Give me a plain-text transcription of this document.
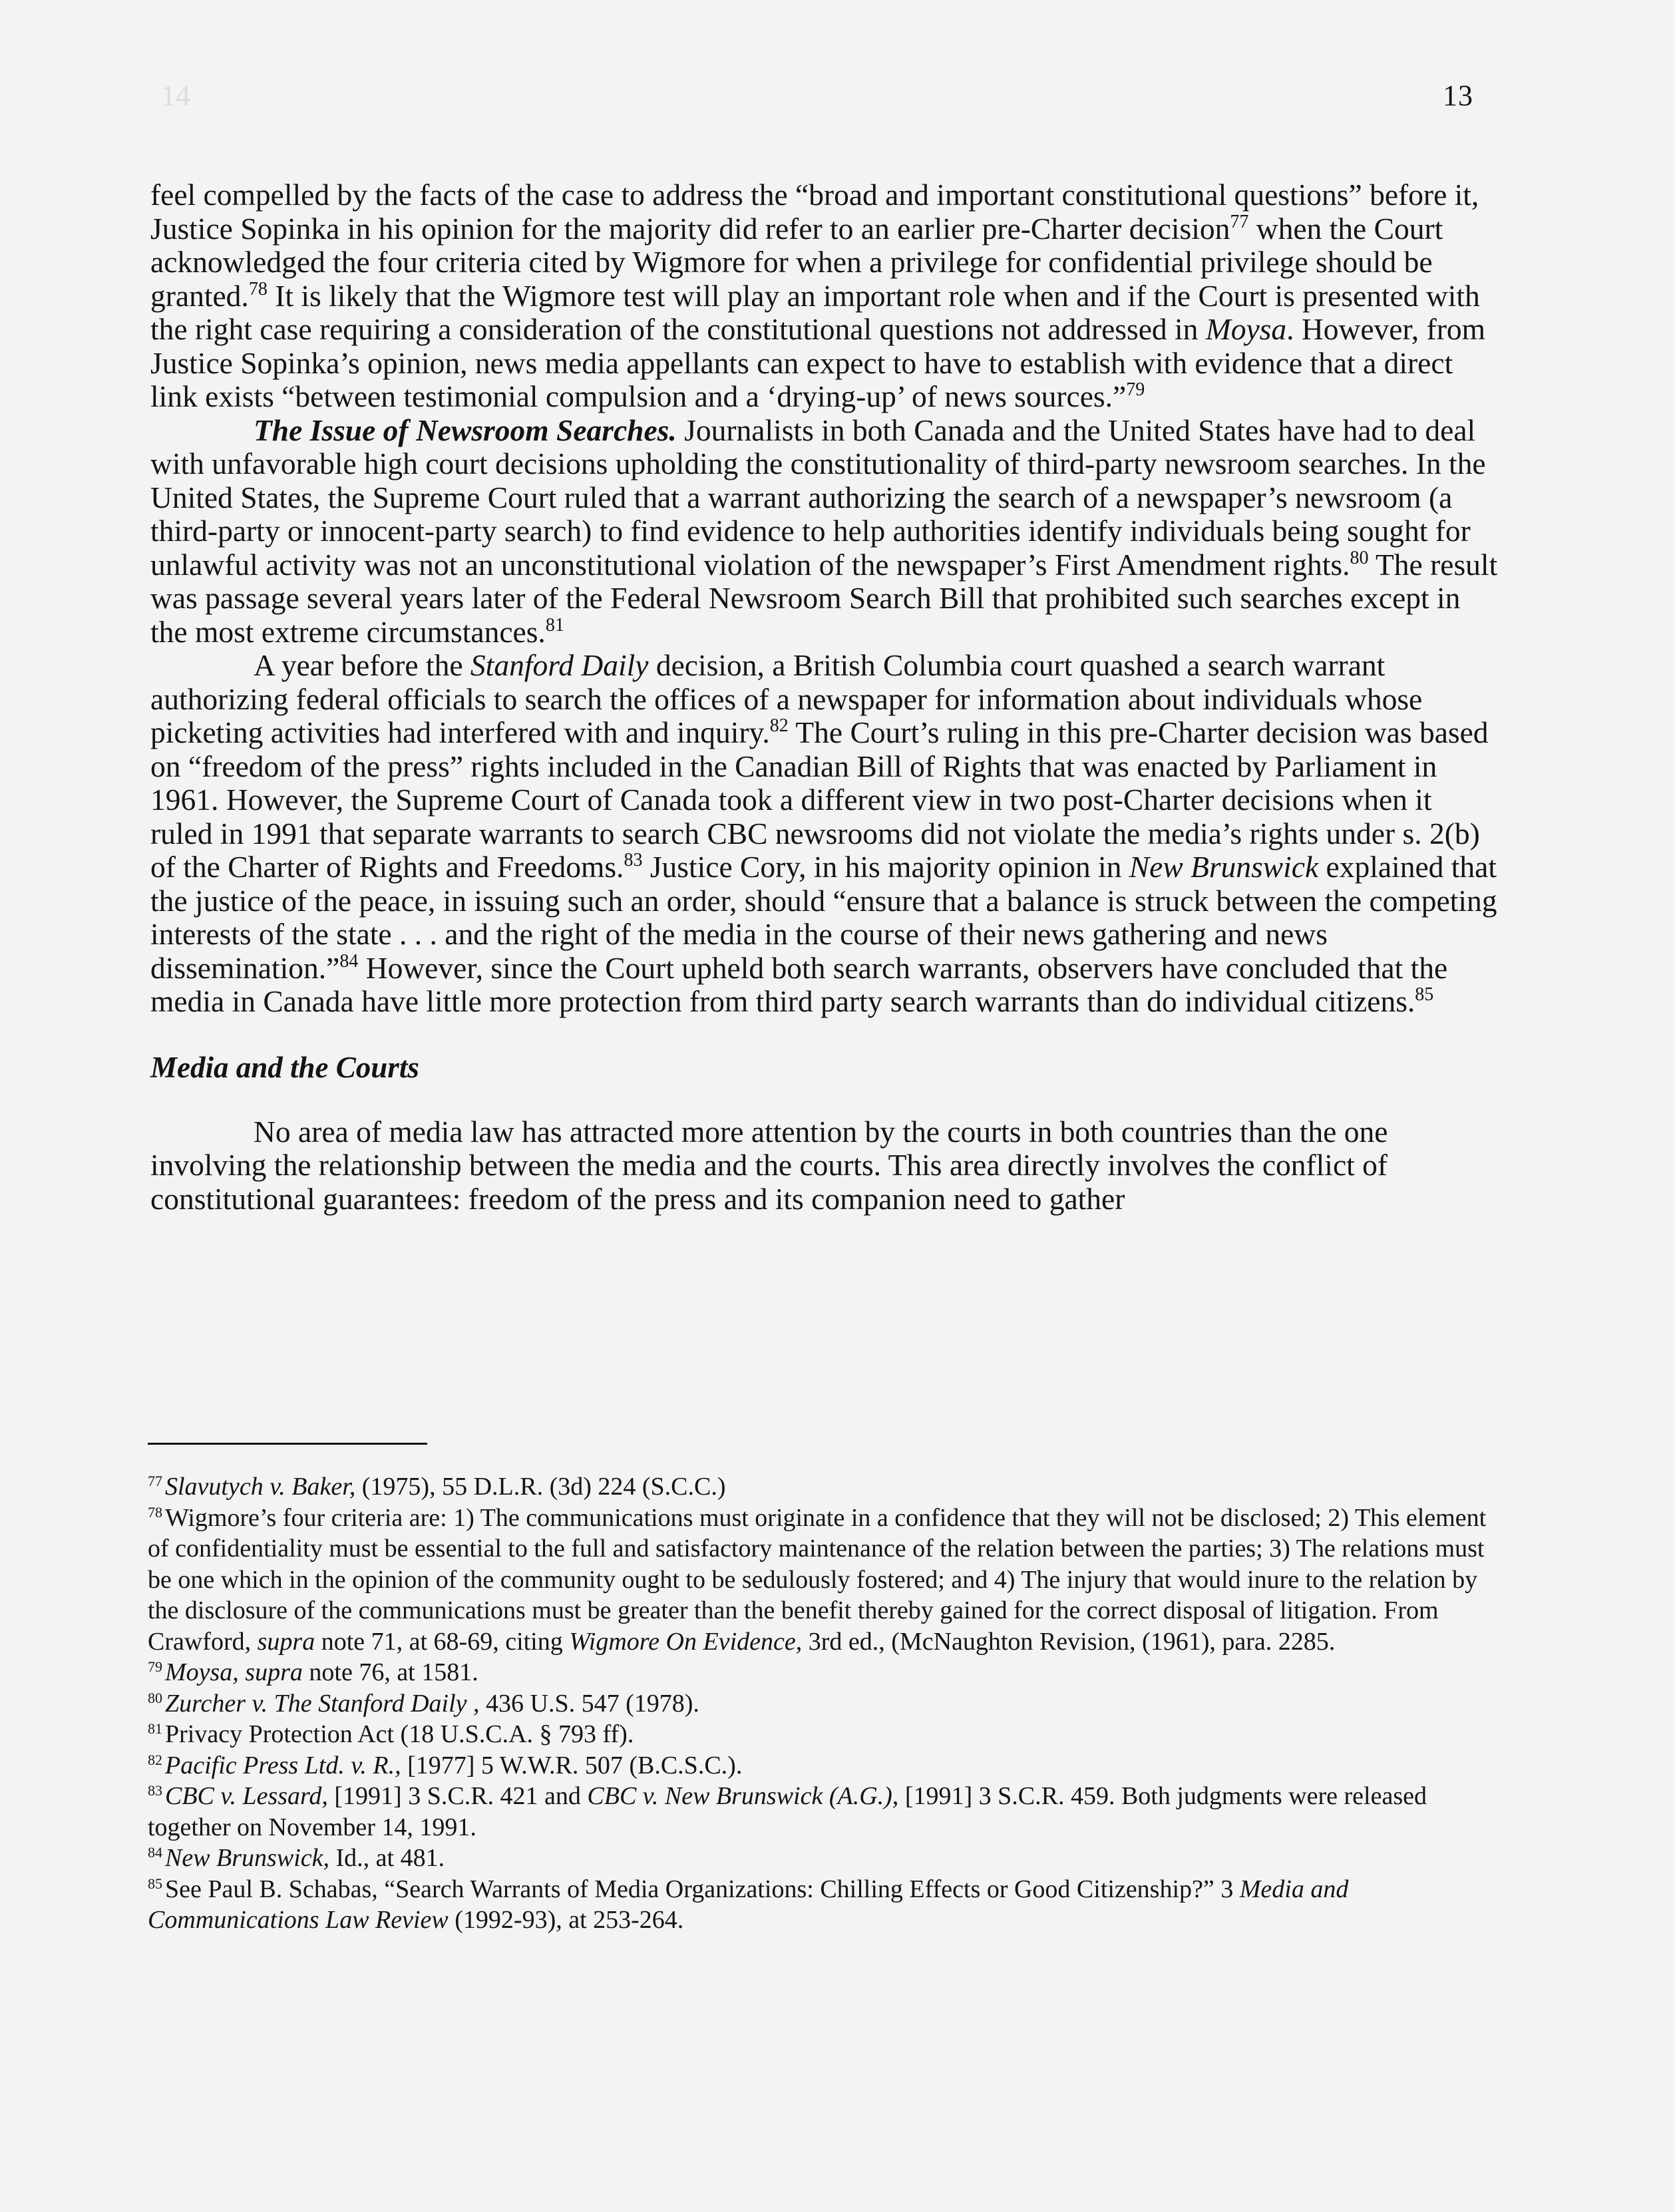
14	13

feel compelled by the facts of the case to address the “broad and important constitutional questions” before it, Justice Sopinka in his opinion for the majority did refer to an earlier pre-Charter decision$^{77}$ when the Court acknowledged the four criteria cited by Wigmore for when a privilege for confidential privilege should be granted.$^{78}$ It is likely that the Wigmore test will play an important role when and if the Court is presented with the right case requiring a consideration of the constitutional questions not addressed in Moysa. However, from Justice Sopinka’s opinion, news media appellants can expect to have to establish with evidence that a direct link exists “between testimonial compulsion and a ‘drying-up’ of news sources.”$^{79}$

The Issue of Newsroom Searches. Journalists in both Canada and the United States have had to deal with unfavorable high court decisions upholding the constitutionality of third-party newsroom searches. In the United States, the Supreme Court ruled that a warrant authorizing the search of a newspaper’s newsroom (a third-party or innocent-party search) to find evidence to help authorities identify individuals being sought for unlawful activity was not an unconstitutional violation of the newspaper’s First Amendment rights.$^{80}$ The result was passage several years later of the Federal Newsroom Search Bill that prohibited such searches except in the most extreme circumstances.$^{81}$

A year before the Stanford Daily decision, a British Columbia court quashed a search warrant authorizing federal officials to search the offices of a newspaper for information about individuals whose picketing activities had interfered with and inquiry.$^{82}$ The Court’s ruling in this pre-Charter decision was based on “freedom of the press” rights included in the Canadian Bill of Rights that was enacted by Parliament in 1961. However, the Supreme Court of Canada took a different view in two post-Charter decisions when it ruled in 1991 that separate warrants to search CBC newsrooms did not violate the media’s rights under s. 2(b) of the Charter of Rights and Freedoms.$^{83}$ Justice Cory, in his majority opinion in New Brunswick explained that the justice of the peace, in issuing such an order, should “ensure that a balance is struck between the competing interests of the state . . . and the right of the media in the course of their news gathering and news dissemination.”$^{84}$ However, since the Court upheld both search warrants, observers have concluded that the media in Canada have little more protection from third party search warrants than do individual citizens.$^{85}$

Media and the Courts

No area of media law has attracted more attention by the courts in both countries than the one involving the relationship between the media and the courts. This area directly involves the conflict of constitutional guarantees: freedom of the press and its companion need to gather

$^{77}$ Slavutych v. Baker, (1975), 55 D.L.R. (3d) 224 (S.C.C.)

$^{78}$ Wigmore’s four criteria are: 1) The communications must originate in a confidence that they will not be disclosed; 2) This element of confidentiality must be essential to the full and satisfactory maintenance of the relation between the parties; 3) The relations must be one which in the opinion of the community ought to be sedulously fostered; and 4) The injury that would inure to the relation by the disclosure of the communications must be greater than the benefit thereby gained for the correct disposal of litigation. From Crawford, supra note 71, at 68-69, citing Wigmore On Evidence, 3rd ed., (McNaughton Revision, (1961), para. 2285.

$^{79}$ Moysa, supra note 76, at 1581.

$^{80}$ Zurcher v. The Stanford Daily , 436 U.S. 547 (1978).

$^{81}$ Privacy Protection Act (18 U.S.C.A. § 793 ff).

$^{82}$ Pacific Press Ltd. v. R., [1977] 5 W.W.R. 507 (B.C.S.C.).

$^{83}$ CBC v. Lessard, [1991] 3 S.C.R. 421 and CBC v. New Brunswick (A.G.), [1991] 3 S.C.R. 459. Both judgments were released together on November 14, 1991.

$^{84}$ New Brunswick, Id., at 481.

$^{85}$ See Paul B. Schabas, “Search Warrants of Media Organizations: Chilling Effects or Good Citizenship?” 3 Media and Communications Law Review (1992-93), at 253-264.
